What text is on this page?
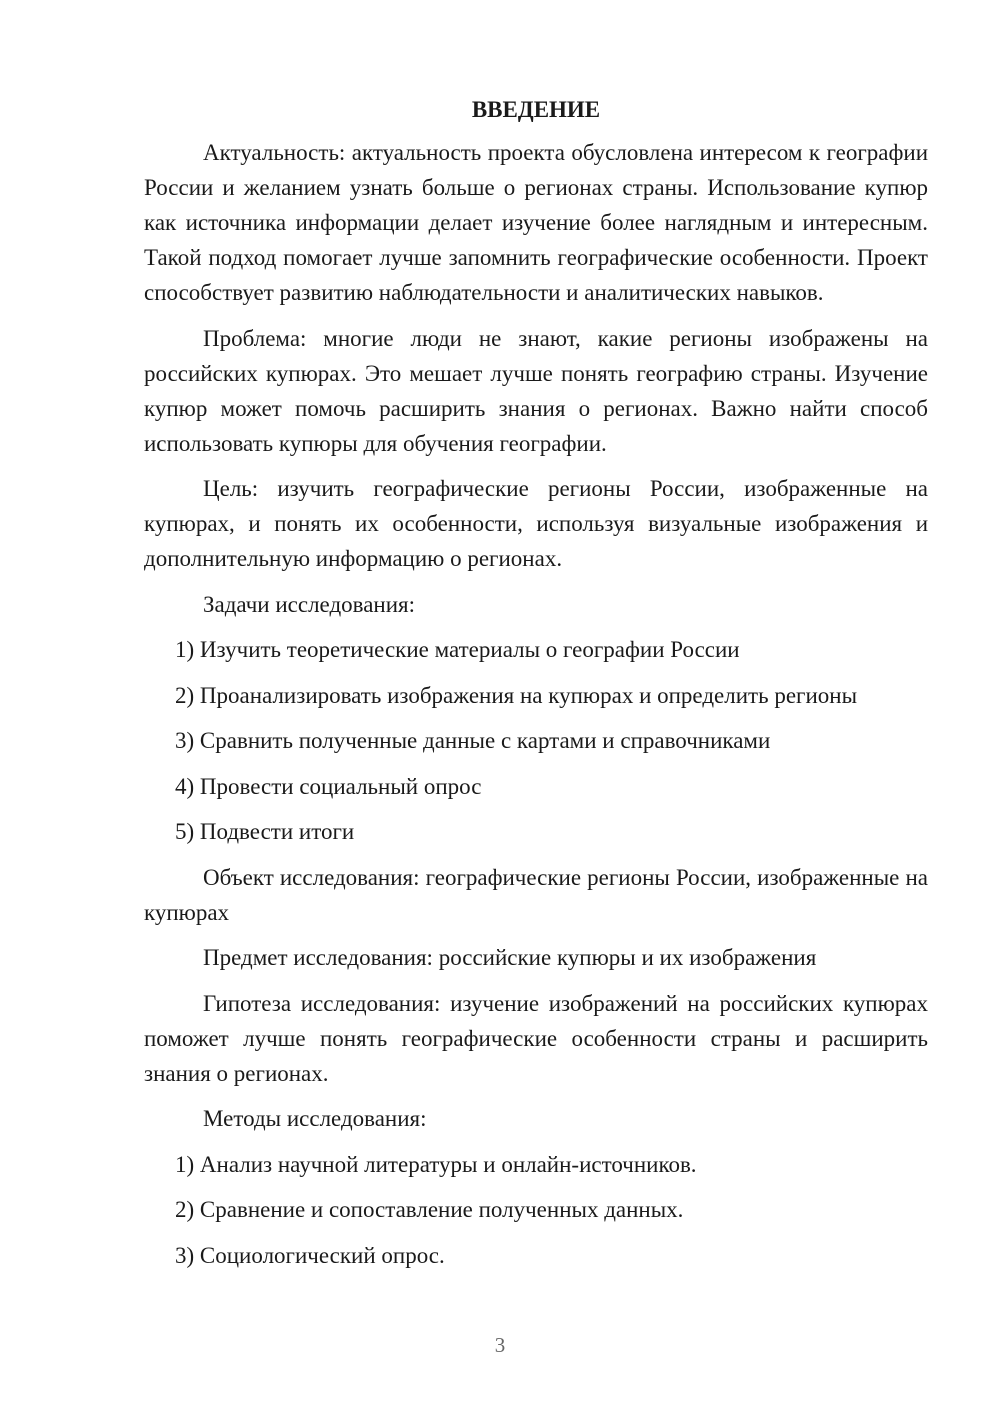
ВВЕДЕНИЕ
Актуальность: актуальность проекта обусловлена интересом к географии России и желанием узнать больше о регионах страны. Использование купюр как источника информации делает изучение более наглядным и интересным. Такой подход помогает лучше запомнить географические особенности. Проект способствует развитию наблюдательности и аналитических навыков.
Проблема: многие люди не знают, какие регионы изображены на российских купюрах. Это мешает лучше понять географию страны. Изучение купюр может помочь расширить знания о регионах. Важно найти способ использовать купюры для обучения географии.
Цель: изучить географические регионы России, изображенные на купюрах, и понять их особенности, используя визуальные изображения и дополнительную информацию о регионах.
Задачи исследования:
1) Изучить теоретические материалы о географии России
2) Проанализировать изображения на купюрах и определить регионы
3) Сравнить полученные данные с картами и справочниками
4) Провести социальный опрос
5) Подвести итоги
Объект исследования: географические регионы России, изображенные на купюрах
Предмет исследования: российские купюры и их изображения
Гипотеза исследования: изучение изображений на российских купюрах поможет лучше понять географические особенности страны и расширить знания о регионах.
Методы исследования:
1) Анализ научной литературы и онлайн-источников.
2) Сравнение и сопоставление полученных данных.
3) Социологический опрос.
3
